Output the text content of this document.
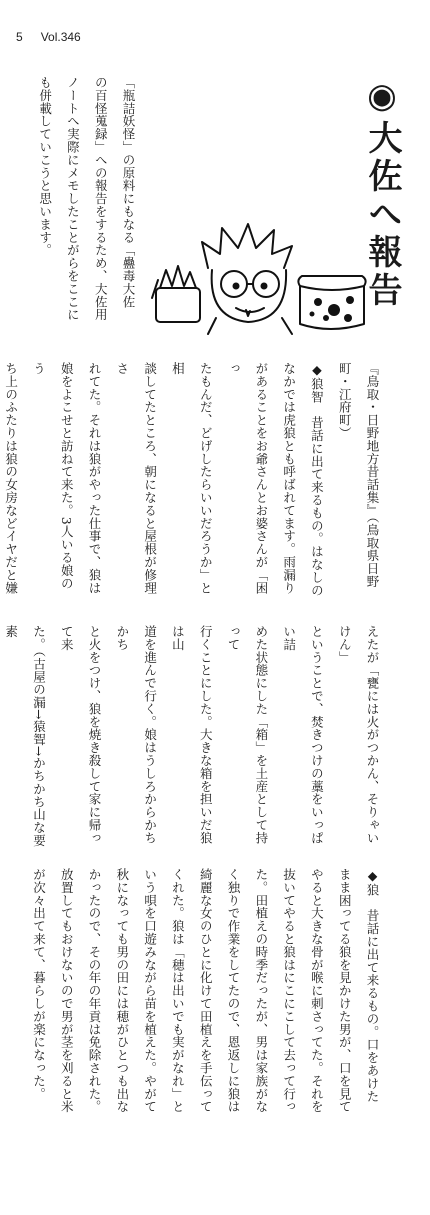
5 Vol.346
◉大佐へ報告

「瓶詰妖怪」の原料にもなる「蠱毒大佐

の百怪蒐録」への報告をするため、大佐用

ノートへ実際にメモしたことがらをここに

も併載していこうと思います。

『鳥取・日野地方昔話集』（鳥取県日野町・江府町）

◆狼智　昔話に出て来るもの。はなしの

なかでは虎狼とも呼ばれてます。雨漏り

があることをお爺さんとお婆さんが「困っ

たもんだ、どげしたらいいだろうか」と相

談してたところ、朝になると屋根が修理さ

れてた。それは狼がやった仕事で、狼は

娘をよこせと訪ねて来た。3人いる娘のう

ち上のふたりは狼の女房などイヤだと嫌

えたが「甕には火がつかん、そりゃいけん」

ということで、焚きつけの藁をいっぱい詰

めた状態にした「箱」を土産として持って

行くことにした。大きな箱を担いだ狼は山

道を進んで行く。娘はうしろからかちかち

と火をつけ、狼を焼き殺して家に帰って来

た。（古屋の漏→猿聟→かちかち山な要素

◆狼　昔話に出て来るもの。口をあけた

まま困ってる狼を見かけた男が、口を見て

やると大きな骨が喉に刺さってた。それを

抜いてやると狼はにこにこして去って行っ

た。田植えの時季だったが、男は家族がな

く独りで作業をしてたので、恩返しに狼は

綺麗な女のひとに化けて田植えを手伝って

くれた。狼は「穂は出いでも実がなれ」と

いう唄を口遊みながら苗を植えた。やがて

秋になっても男の田には穂がひとつも出な

かったので、その年の年貢は免除された。

放置してもおけないので男が茎を刈ると米

が次々出て来て、暮らしが楽になった。
